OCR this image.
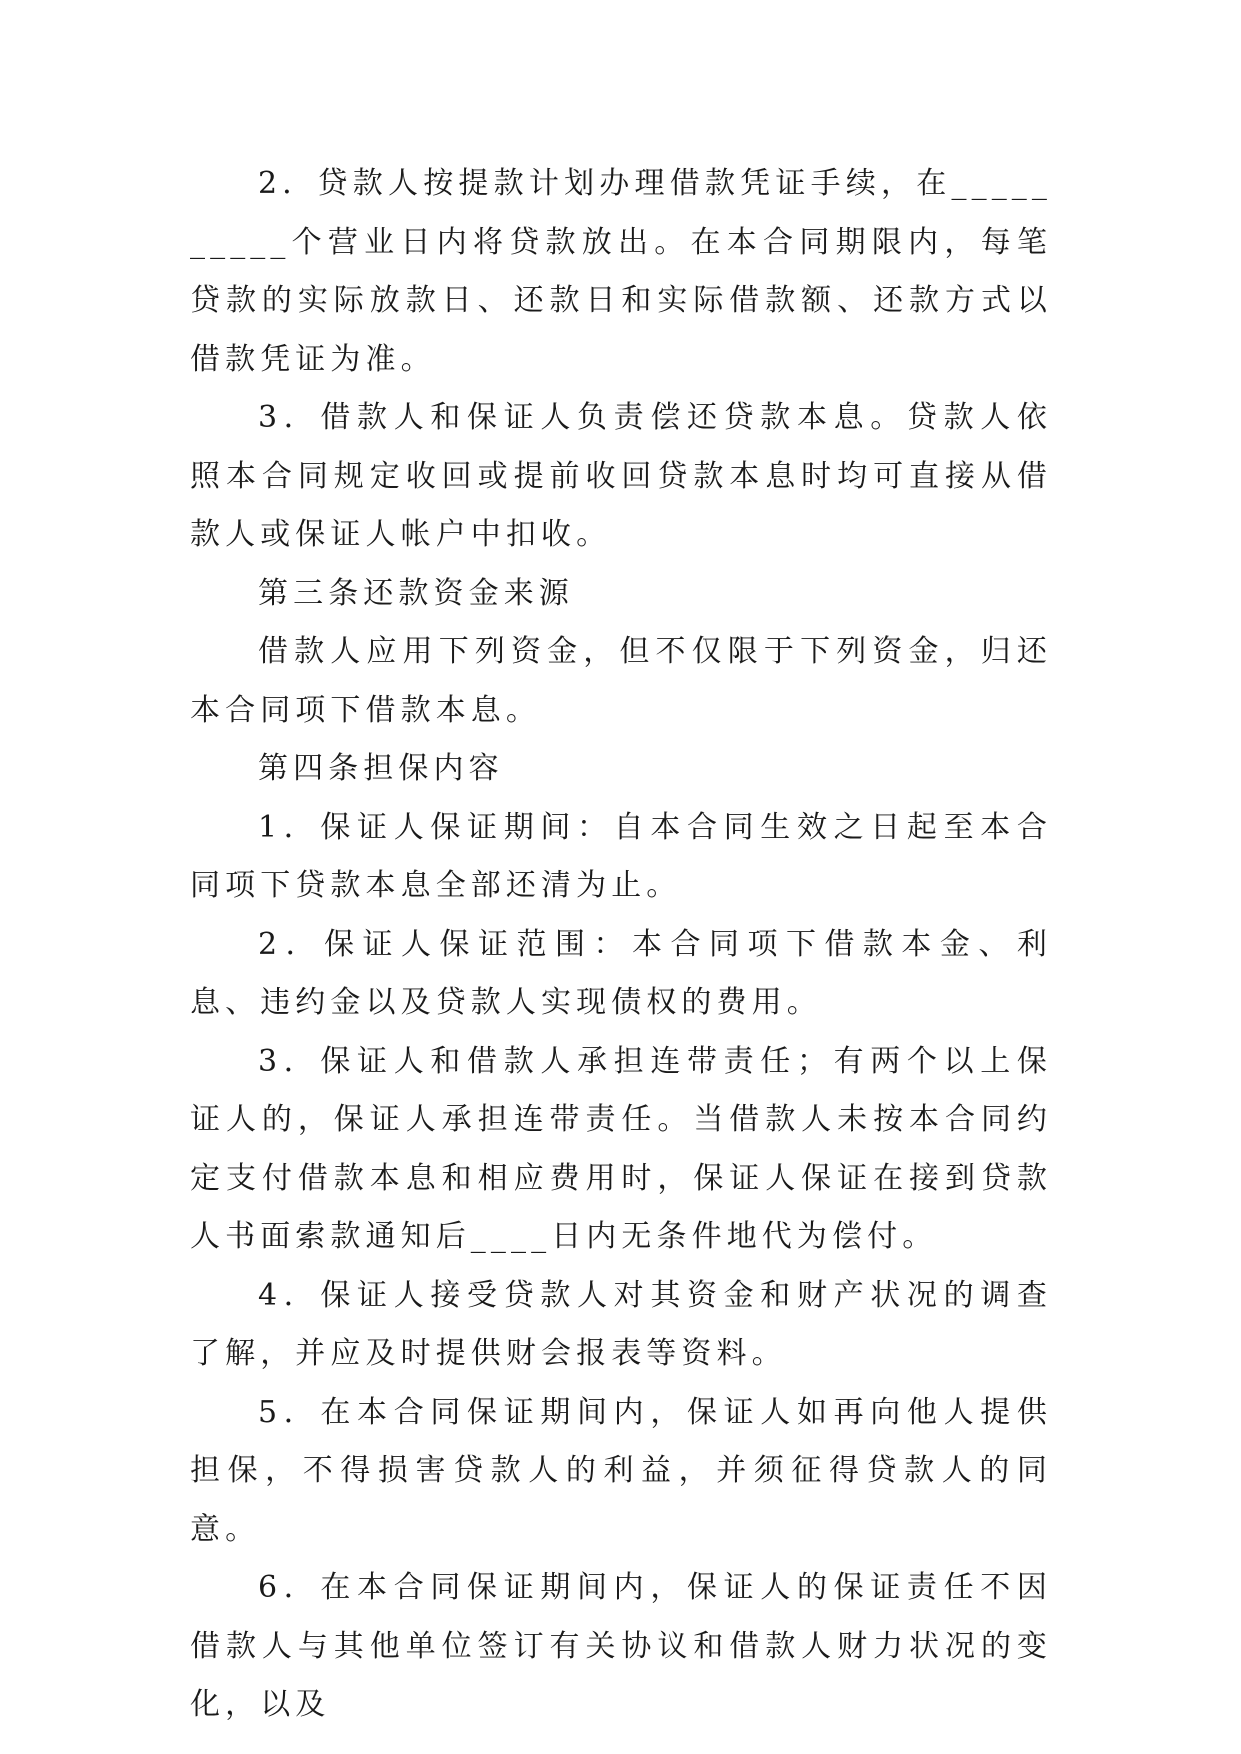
2．贷款人按提款计划办理借款凭证手续，在__________个营业日内将贷款放出。在本合同期限内，每笔贷款的实际放款日、还款日和实际借款额、还款方式以借款凭证为准。

3．借款人和保证人负责偿还贷款本息。贷款人依照本合同规定收回或提前收回贷款本息时均可直接从借款人或保证人帐户中扣收。

第三条还款资金来源

借款人应用下列资金，但不仅限于下列资金，归还本合同项下借款本息。

第四条担保内容

1．保证人保证期间：自本合同生效之日起至本合同项下贷款本息全部还清为止。

2．保证人保证范围：本合同项下借款本金、利息、违约金以及贷款人实现债权的费用。

3．保证人和借款人承担连带责任；有两个以上保证人的，保证人承担连带责任。当借款人未按本合同约定支付借款本息和相应费用时，保证人保证在接到贷款人书面索款通知后____日内无条件地代为偿付。

4．保证人接受贷款人对其资金和财产状况的调查了解，并应及时提供财会报表等资料。

5．在本合同保证期间内，保证人如再向他人提供担保，不得损害贷款人的利益，并须征得贷款人的同意。

6．在本合同保证期间内，保证人的保证责任不因借款人与其他单位签订有关协议和借款人财力状况的变化，以及
